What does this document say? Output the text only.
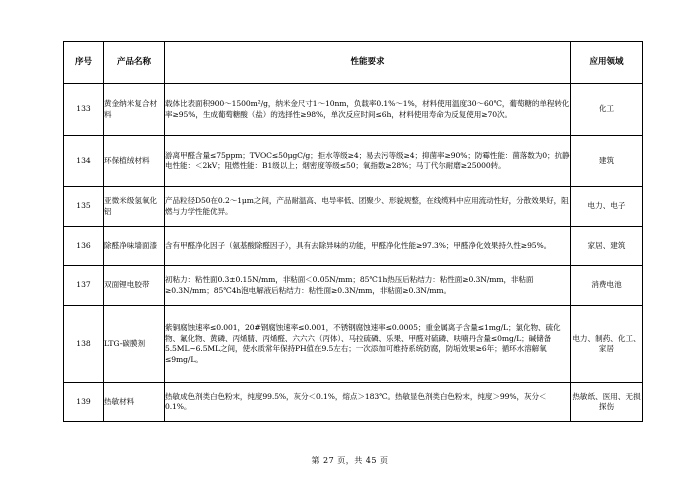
序号	产品名称	性能要求	应用领域
133	黄金纳米复合材料	载体比表面积900～1500m²/g，纳米金尺寸1～10nm，负载率0.1%～1%，材料使用温度30～60℃，葡萄糖的单程转化率≥95%，生成葡萄糖酸（盐）的选择性≥98%，单次反应时间≤6h，材料使用寿命为反复使用≥70次。	化工
134	环保植绒材料	游离甲醛含量≤75ppm；TVOC≤50μgC/g；拒水等级≥4；易去污等级≥4；抑菌率≥90%；防霉性能：菌落数为0；抗静电性能：＜2kV；阻燃性能：B1级以上；烟密度等级≤50；氧指数≥28%；马丁代尔耐磨≥25000转。	建筑
135	亚微米级氢氧化铝	产品粒径D50在0.2～1μm之间，产品耐温高、电导率低、团聚少、形貌规整，在线缆料中应用流动性好，分散效果好，阻燃与力学性能优异。	电力、电子
136	除醛净味墙面漆	含有甲醛净化因子（氨基酸除醛因子），具有去除异味的功能，甲醛净化性能≥97.3%；甲醛净化效果持久性≥95%。	家居、建筑
137	双面锂电胶带	初粘力：粘性面0.3±0.15N/mm，非粘面＜0.05N/mm；85℃1h热压后粘结力：粘性面≥0.3N/mm，非粘面≥0.3N/mm；85℃4h泡电解液后粘结力：粘性面≥0.3N/mm，非粘面≥0.3N/mm。	消费电池
138	LTG-碳膜剂	紫铜腐蚀速率≤0.001，20#钢腐蚀速率≤0.001，不锈钢腐蚀速率≤0.0005；重金属离子含量≤1mg/L；氯化物、硫化物、氟化物、黄磷、丙烯腈、丙烯醛、六六六（丙体）、马拉硫磷、乐果、甲醛对硫磷、呋喃丹含量≤0mg/L；碱储备5.5ML~6.5ML之间，使水质常年保持PH值在9.5左右；一次添加可维持系统防腐，防垢效果≥6年；循环水溶解氧≤9mg/L。	电力、制药、化工、家居
139	热敏材料	热敏成色剂类白色粉末，纯度99.5%，灰分＜0.1%，熔点＞183℃。热敏显色剂类白色粉末，纯度＞99%，灰分＜0.1%。	热敏纸、医用、无损探伤
第 27 页，共 45 页
